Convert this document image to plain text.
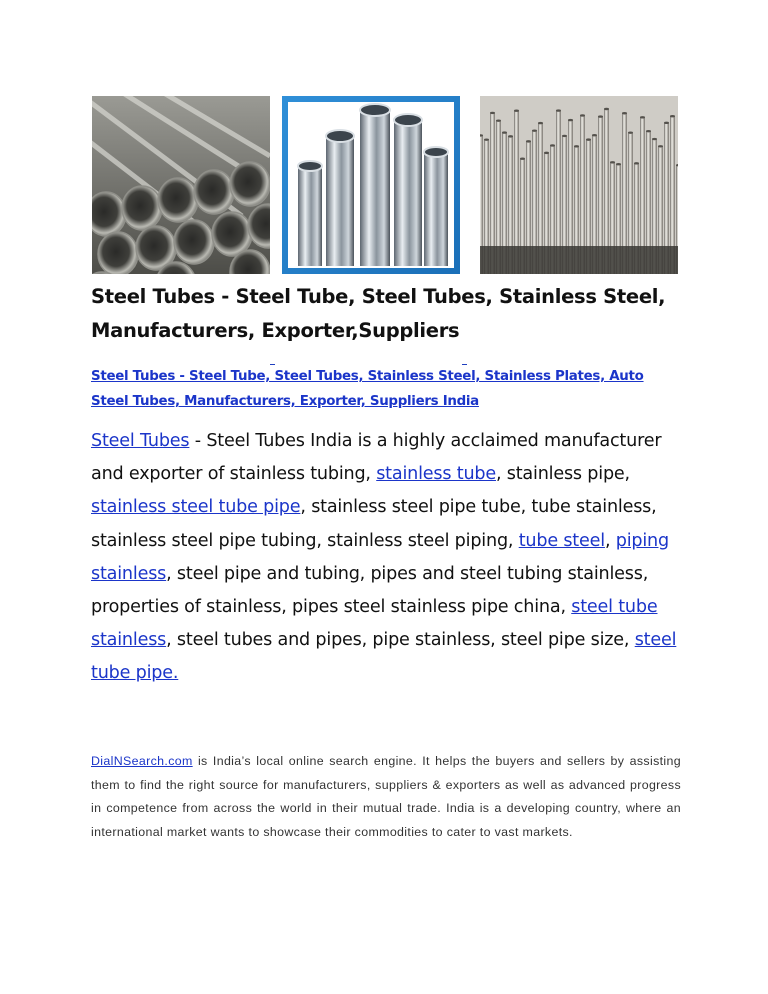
Steel Tubes - Steel Tube, Steel Tubes, Stainless Steel,
Manufacturers, Exporter,Suppliers
Steel Tubes - Steel Tube, Steel Tubes, Stainless Steel, Stainless Plates, Auto
Steel Tubes, Manufacturers, Exporter, Suppliers India
Steel Tubes - Steel Tubes India is a highly acclaimed manufacturer and exporter of stainless tubing, stainless tube, stainless pipe, stainless steel tube pipe, stainless steel pipe tube, tube stainless, stainless steel pipe tubing, stainless steel piping, tube steel, piping stainless, steel pipe and tubing, pipes and steel tubing stainless, properties of stainless, pipes steel stainless pipe china, steel tube stainless, steel tubes and pipes, pipe stainless, steel pipe size, steel tube pipe.
DialNSearch.com is India’s local online search engine. It helps the buyers and sellers by assisting them to find the right source for manufacturers, suppliers & exporters as well as advanced progress in competence from across the world in their mutual trade. India is a developing country, where an international market wants to showcase their commodities to cater to vast markets.
